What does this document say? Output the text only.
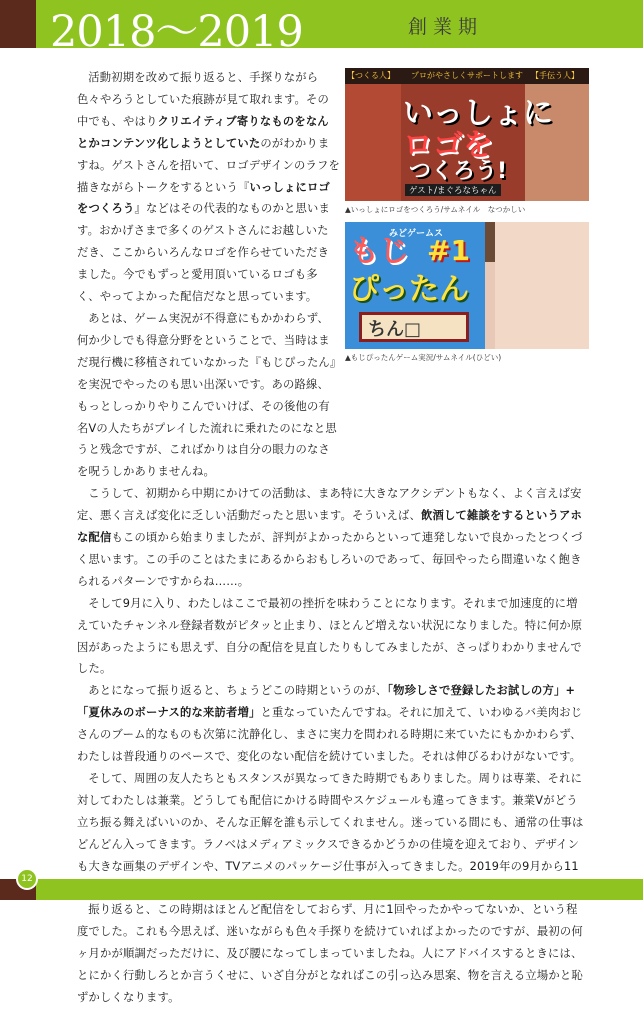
2018〜2019	創業期
【つくる人】 プロがやさしくサポートします 【手伝う人】
いっしょに
ロゴを
つくろう!
ゲスト/まぐろなちゃん
▲いっしょにロゴをつくろう/サムネイル　なつかしい
もじ
みどゲームス
#1
ぴったん
ちん□
▲もじぴったんゲーム実況/サムネイル(ひどい)

活動初期を改めて振り返ると、手探りながら色々やろうとしていた痕跡が見て取れます。その中でも、やはりクリエイティブ寄りなものをなんとかコンテンツ化しようとしていたのがわかりますね。ゲストさんを招いて、ロゴデザインのラフを描きながらトークをするという『いっしょにロゴをつくろう』などはその代表的なものかと思います。おかげさまで多くのゲストさんにお越しいただき、ここからいろんなロゴを作らせていただきました。今でもずっと愛用頂いているロゴも多く、やってよかった配信だなと思っています。

あとは、ゲーム実況が不得意にもかかわらず、何か少しでも得意分野をということで、当時はまだ現行機に移植されていなかった『もじぴったん』を実況でやったのも思い出深いです。あの路線、もっとしっかりやりこんでいけば、その後他の有名Vの人たちがプレイした流れに乗れたのになと思うと残念ですが、こればかりは自分の眼力のなさを呪うしかありませんね。

こうして、初期から中期にかけての活動は、まあ特に大きなアクシデントもなく、よく言えば安定、悪く言えば変化に乏しい活動だったと思います。そういえば、飲酒して雑談をするというアホな配信もこの頃から始まりましたが、評判がよかったからといって連発しないで良かったとつくづく思います。この手のことはたまにあるからおもしろいのであって、毎回やったら間違いなく飽きられるパターンですからね……。

そして9月に入り、わたしはここで最初の挫折を味わうことになります。それまで加速度的に増えていたチャンネル登録者数がピタッと止まり、ほとんど増えない状況になりました。特に何か原因があったようにも思えず、自分の配信を見直したりもしてみましたが、さっぱりわかりませんでした。

あとになって振り返ると、ちょうどこの時期というのが、「物珍しさで登録したお試しの方」+「夏休みのボーナス的な来訪者増」と重なっていたんですね。それに加えて、いわゆるバ美肉おじさんのブーム的なものも次第に沈静化し、まさに実力を問われる時期に来ていたにもかかわらず、わたしは普段通りのペースで、変化のない配信を続けていました。それは伸びるわけがないです。

そして、周囲の友人たちともスタンスが異なってきた時期でもありました。周りは専業、それに対してわたしは兼業。どうしても配信にかける時間やスケジュールも違ってきます。兼業Vがどう立ち振る舞えばいいのか、そんな正解を誰も示してくれません。迷っている間にも、通常の仕事はどんどん入ってきます。ラノベはメディアミックスできるかどうかの佳境を迎えており、デザインも大きな画集のデザインや、TVアニメのパッケージ仕事が入ってきました。2019年の9月から11

振り返ると、この時期はほとんど配信をしておらず、月に1回やったかやってないか、という程度でした。これも今思えば、迷いながらも色々手探りを続けていればよかったのですが、最初の何ヶ月かが順調だっただけに、及び腰になってしまっていましたね。人にアドバイスするときには、とにかく行動しろとか言うくせに、いざ自分がとなればこの引っ込み思案、物を言える立場かと恥ずかしくなります。

12
